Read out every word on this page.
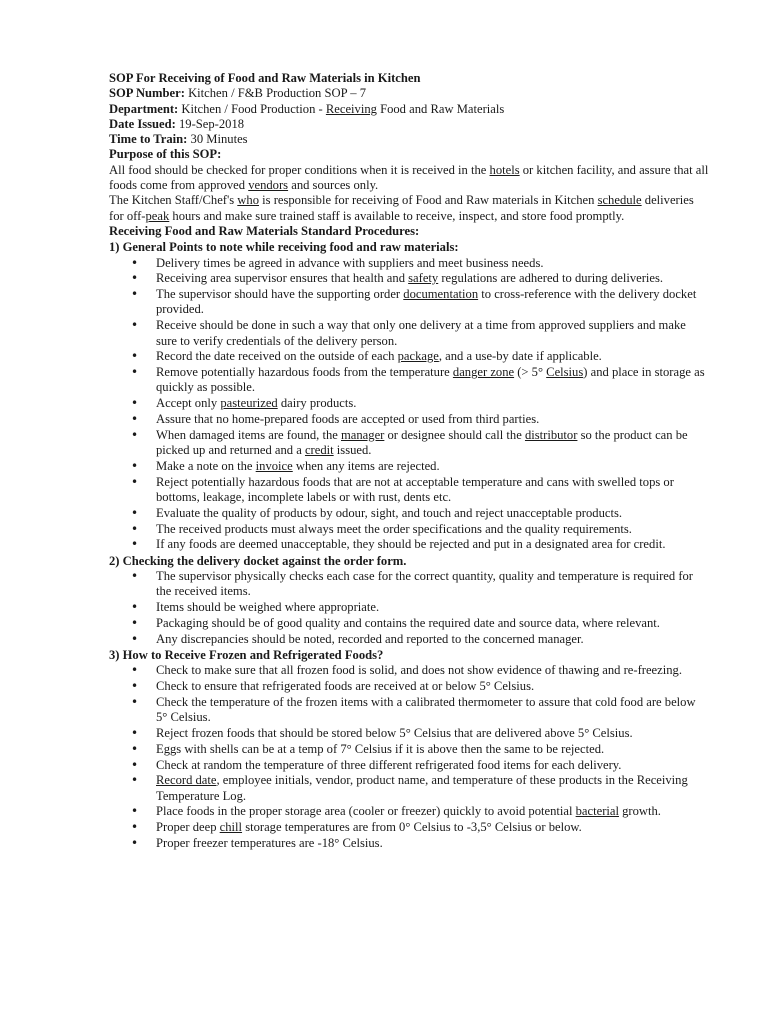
SOP For Receiving of Food and Raw Materials in Kitchen

SOP Number: Kitchen / F&B Production SOP – 7

Department: Kitchen / Food Production - Receiving Food and Raw Materials

Date Issued: 19-Sep-2018

Time to Train: 30 Minutes

Purpose of this SOP:

All food should be checked for proper conditions when it is received in the hotels or kitchen facility, and assure that all foods come from approved vendors and sources only.

The Kitchen Staff/Chef's who is responsible for receiving of Food and Raw materials in Kitchen schedule deliveries for off-peak hours and make sure trained staff is available to receive, inspect, and store food promptly.

Receiving Food and Raw Materials Standard Procedures:

1) General Points to note while receiving food and raw materials:

• Delivery times be agreed in advance with suppliers and meet business needs.
• Receiving area supervisor ensures that health and safety regulations are adhered to during deliveries.
• The supervisor should have the supporting order documentation to cross-reference with the delivery docket provided.
• Receive should be done in such a way that only one delivery at a time from approved suppliers and make sure to verify credentials of the delivery person.
• Record the date received on the outside of each package, and a use-by date if applicable.
• Remove potentially hazardous foods from the temperature danger zone (> 5° Celsius) and place in storage as quickly as possible.
• Accept only pasteurized dairy products.
• Assure that no home-prepared foods are accepted or used from third parties.
• When damaged items are found, the manager or designee should call the distributor so the product can be picked up and returned and a credit issued.
• Make a note on the invoice when any items are rejected.
• Reject potentially hazardous foods that are not at acceptable temperature and cans with swelled tops or bottoms, leakage, incomplete labels or with rust, dents etc.
• Evaluate the quality of products by odour, sight, and touch and reject unacceptable products.
• The received products must always meet the order specifications and the quality requirements.
• If any foods are deemed unacceptable, they should be rejected and put in a designated area for credit.

2) Checking the delivery docket against the order form.

• The supervisor physically checks each case for the correct quantity, quality and temperature is required for the received items.
• Items should be weighed where appropriate.
• Packaging should be of good quality and contains the required date and source data, where relevant.
• Any discrepancies should be noted, recorded and reported to the concerned manager.

3) How to Receive Frozen and Refrigerated Foods?

• Check to make sure that all frozen food is solid, and does not show evidence of thawing and re-freezing.
• Check to ensure that refrigerated foods are received at or below 5° Celsius.
• Check the temperature of the frozen items with a calibrated thermometer to assure that cold food are below 5° Celsius.
• Reject frozen foods that should be stored below 5° Celsius that are delivered above 5° Celsius.
• Eggs with shells can be at a temp of 7° Celsius if it is above then the same to be rejected.
• Check at random the temperature of three different refrigerated food items for each delivery.
• Record date, employee initials, vendor, product name, and temperature of these products in the Receiving Temperature Log.
• Place foods in the proper storage area (cooler or freezer) quickly to avoid potential bacterial growth.
• Proper deep chill storage temperatures are from 0° Celsius to -3,5° Celsius or below.
• Proper freezer temperatures are -18° Celsius.
